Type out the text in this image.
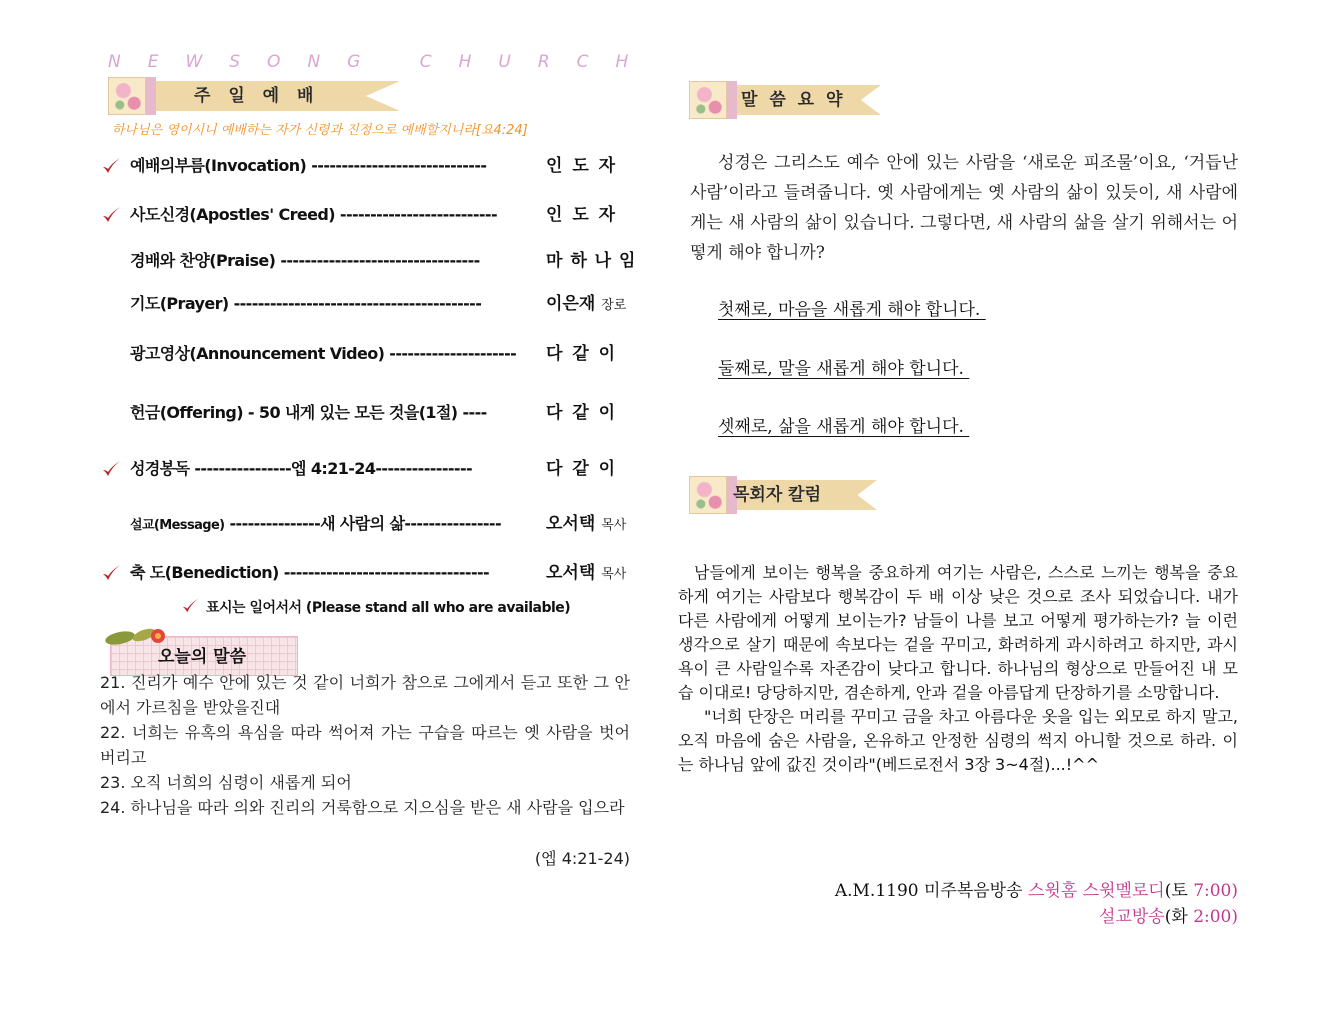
NEWSONG CHURCH
주 일 예 배
하나님은 영이시니 예배하는 자가 신령과 진정으로 예배할지니라[요4:24]
예배의부름(Invocation) -----------------------------	인 도 자
사도신경(Apostles' Creed) --------------------------	인 도 자
경배와 찬양(Praise) ---------------------------------	마 하 나 임
기도(Prayer) -----------------------------------------	이은재 장로
광고영상(Announcement Video) --------------------- 다 같 이
헌금(Offering) - 50 내게 있는 모든 것을(1절) ----	다 같 이
성경봉독 ----------------엡 4:21-24----------------	다 같 이
설교(Message) ---------------새 사람의 삶----------------	오서택 목사
축 도(Benediction) ----------------------------------	오서택 목사
표시는 일어서서 (Please stand all who are available)
오늘의 말씀

21. 진리가 예수 안에 있는 것 같이 너희가 참으로 그에게서 듣고 또한 그 안에서 가르침을 받았을진대

22. 너희는 유혹의 욕심을 따라 썩어져 가는 구습을 따르는 옛 사람을 벗어 버리고

23. 오직 너희의 심령이 새롭게 되어

24. 하나님을 따라 의와 진리의 거룩함으로 지으심을 받은 새 사람을 입으라

(엡 4:21-24)
말 씀 요 약

성경은 그리스도 예수 안에 있는 사람을 ‘새로운 피조물’이요, ‘거듭난 사람’이라고 들려줍니다. 옛 사람에게는 옛 사람의 삶이 있듯이, 새 사람에게는 새 사람의 삶이 있습니다. 그렇다면, 새 사람의 삶을 살기 위해서는 어떻게 해야 합니까?

첫째로, 마음을 새롭게 해야 합니다.
둘째로, 말을 새롭게 해야 합니다.
셋째로, 삶을 새롭게 해야 합니다.
목회자 칼럼

남들에게 보이는 행복을 중요하게 여기는 사람은, 스스로 느끼는 행복을 중요하게 여기는 사람보다 행복감이 두 배 이상 낮은 것으로 조사 되었습니다. 내가 다른 사람에게 어떻게 보이는가? 남들이 나를 보고 어떻게 평가하는가? 늘 이런 생각으로 살기 때문에 속보다는 겉을 꾸미고, 화려하게 과시하려고 하지만, 과시욕이 큰 사람일수록 자존감이 낮다고 합니다. 하나님의 형상으로 만들어진 내 모습 이대로! 당당하지만, 겸손하게, 안과 겉을 아름답게 단장하기를 소망합니다.

"너희 단장은 머리를 꾸미고 금을 차고 아름다운 옷을 입는 외모로 하지 말고, 오직 마음에 숨은 사람을, 온유하고 안정한 심령의 썩지 아니할 것으로 하라. 이는 하나님 앞에 값진 것이라"(베드로전서 3장 3~4절)...!^^

A.M.1190 미주복음방송 스윗홈 스윗멜로디(토 7:00)
설교방송(화 2:00)
